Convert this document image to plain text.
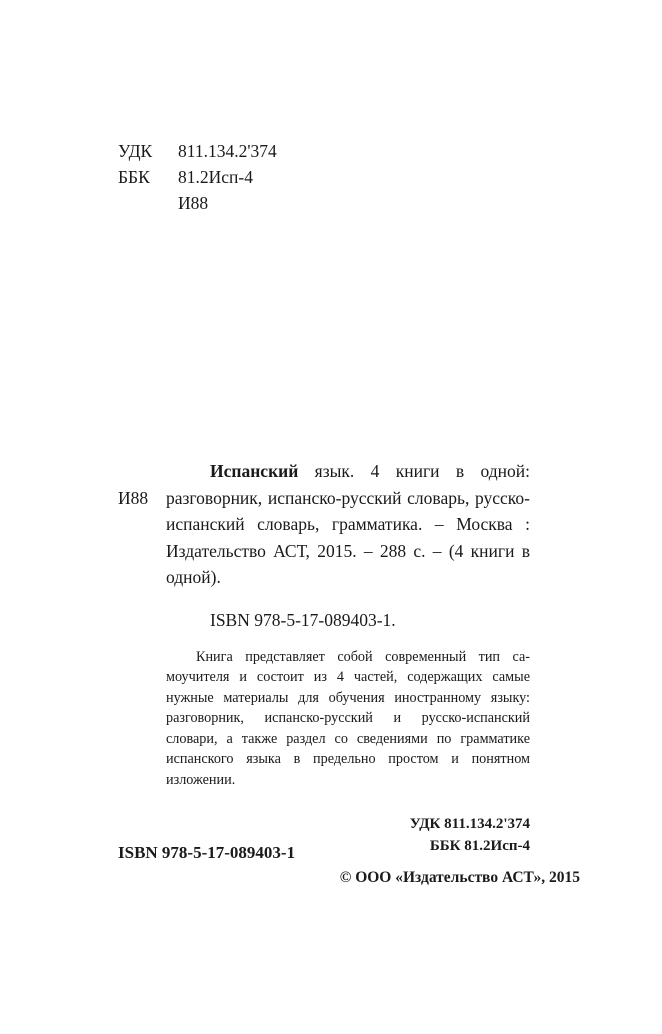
УДК 811.134.2'374
ББК 81.2Исп-4
И88
И88
Испанский язык. 4 книги в одной: разговорник, испанско-русский словарь, русско-испанский словарь, грамматика. – Москва : Издательство АСТ, 2015. – 288 с. – (4 книги в одной).
ISBN 978-5-17-089403-1.
Книга представляет собой современный тип самоучителя и состоит из 4 частей, содержащих самые нужные материалы для обучения иностранному языку: разговорник, испанско-русский и русско-испанский словари, а также раздел со сведениями по грамматике испанского языка в предельно простом и понятном изложении.
УДК 811.134.2'374
ББК 81.2Исп-4
ISBN 978-5-17-089403-1
© ООО «Издательство АСТ», 2015
